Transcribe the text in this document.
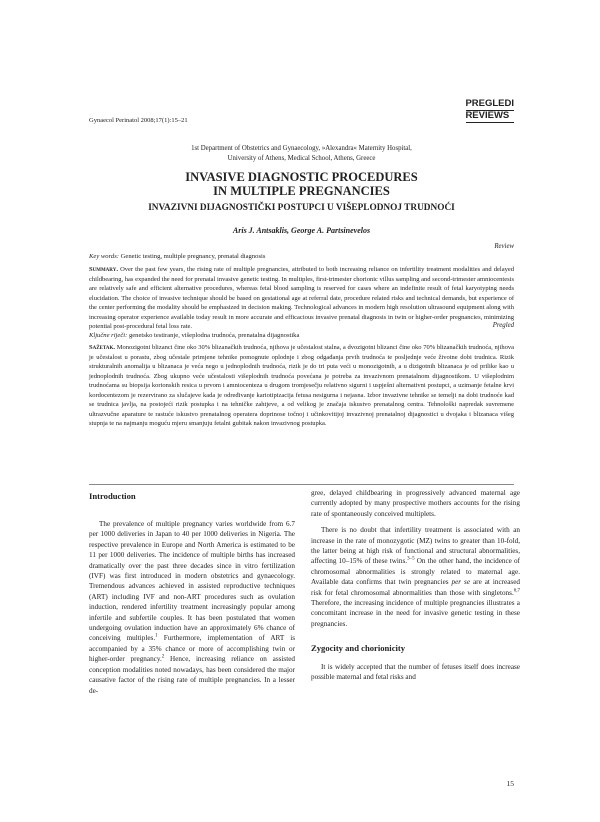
PREGLEDI
REVIEWS
Gynaecol Perinatol 2008;17(1):15–21
1st Department of Obstetrics and Gynaecology, »Alexandra« Maternity Hospital,
University of Athens, Medical School, Athens, Greece
INVASIVE DIAGNOSTIC PROCEDURES
IN MULTIPLE PREGNANCIES
INVAZIVNI DIJAGNOSTIČKI POSTUPCI U VIŠEPLODNOJ TRUDNOĆI
Aris J. Antsaklis, George A. Partsinevelos
Review
Key words: Genetic testing, multiple pregnancy, prenatal diagnosis
Summary. Over the past few years, the rising rate of multiple pregnancies, attributed to both increasing reliance on infertility treatment modalities and delayed childbearing, has expanded the need for prenatal invasive genetic testing. In multiples, first-trimester chorionic villus sampling and second-trimester amniocentesis are relatively safe and efficient alternative procedures, whereas fetal blood sampling is reserved for cases where an indefinite result of fetal karyotyping needs elucidation. The choice of invasive technique should be based on gestational age at referral date, procedure related risks and technical demands, but experience of the center performing the modality should be emphasized in decision making. Technological advances in modern high resolution ultrasound equipment along with increasing operator experience available today result in more accurate and efficacious invasive prenatal diagnosis in twin or higher-order pregnancies, minimizing potential post-procedural fetal loss rate.	Pregled
Ključne riječi: genetsko testiranje, višeplodna trudnoća, prenatalna dijagnostika
Sažetak. Monozigotni blizanci čine oko 30% blizanačkih trudnoća, njihova je učestalost stalna, a dvozigotni blizanci čine oko 70% blizanačkih trudnoća, njihova je učestalost u porastu, zbog učestale primjene tehnike pomognute oplodnje i zbog odgađanja prvih trudnoća te posljednje veće životne dobi trudnica. Rizik strukturalnih anomalija u blizanaca je veća nego u jednoplodnih trudnoća, rizik je do tri puta veći u monozigotnih, a u dizigotnih blizanaca je od prilike kao u jednoplodnih trudnoća. Zbog ukupno veće učestalosti višeplodnih trudnoća povećana je potreba za invazivnom prenatalnom dijagnostikom. U višeplodnim trudnoćama su biopsija korionskih resica u prvom i amniocenteza u drugom tromjesečju relativno sigurni i uspješni alternativni postupci, a uzimanje fetalne krvi kordocentezom je rezervirano za slučajeve kada je određivanje kariotipizacija fetusa nesigurna i nejasna. Izbor invazivne tehnike se temelji na dobi trudnoće kad se trudnica javlja, na postojeći rizik postupka i na tehničke zahtjeve, a od velikog je značaja iskustvo prenatalnog centra. Tehnološki napredak suvremene ultrazvučne aparature te rastuće iskustvo prenatalnog operatera doprinose točnoj i učinkovitijoj invazivnoj prenatalnoj dijagnostici u dvojaka i blizanaca višeg stupnja te na najmanju moguću mjeru smanjuju fetalni gubitak nakon invazivnog postupka.
Introduction

The prevalence of multiple pregnancy varies worldwide from 6.7 per 1000 deliveries in Japan to 40 per 1000 deliveries in Nigeria. The respective prevalence in Europe and North America is estimated to be 11 per 1000 deliveries. The incidence of multiple births has increased dramatically over the past three decades since in vitro fertilization (IVF) was first introduced in modern obstetrics and gynaecology. Tremendous advances achieved in assisted reproductive techniques (ART) including IVF and non-ART procedures such as ovulation induction, rendered infertility treatment increasingly popular among infertile and subfertile couples. It has been postulated that women undergoing ovulation induction have an approximately 6% chance of conceiving multiples.$^1$ Furthermore, implementation of ART is accompanied by a 35% chance or more of accomplishing twin or higher-order pregnancy.$^2$ Hence, increasing reliance on assisted conception modalities noted nowadays, has been considered the major causative factor of the rising rate of multiple pregnancies. In a lesser de-

gree, delayed childbearing in progressively advanced maternal age currently adopted by many prospective mothers accounts for the rising rate of spontaneously conceived multiplets.

There is no doubt that infertility treatment is associated with an increase in the rate of monozygotic (MZ) twins to greater than 10-fold, the latter being at high risk of functional and structural abnormalities, affecting 10–15% of these twins.$^{3-5}$ On the other hand, the incidence of chromosomal abnormalities is strongly related to maternal age. Available data confirms that twin pregnancies per se are at increased risk for fetal chromosomal abnormalities than those with singletons.$^{6,7}$ Therefore, the increasing incidence of multiple pregnancies illustrates a concomitant increase in the need for invasive genetic testing in these pregnancies.

Zygocity and chorionicity

It is widely accepted that the number of fetuses itself does increase possible maternal and fetal risks and

15
